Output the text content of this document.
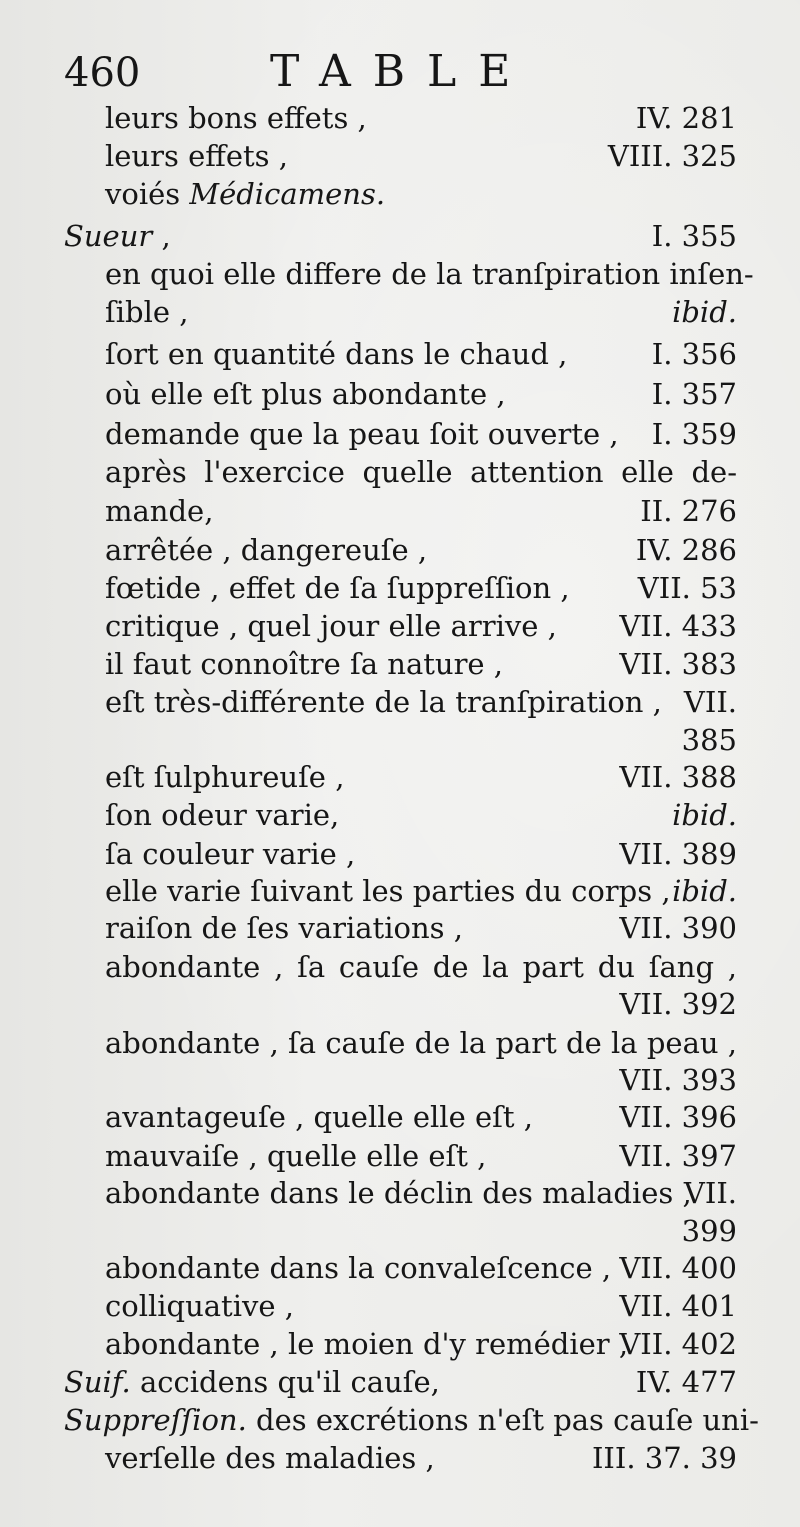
460	TABLE
leurs bons effets ,	IV. 281
leurs effets ,	VIII. 325
voiés Médicamens.
Sueur ,	I. 355
en quoi elle differe de la tranſpiration inſen-
ſible ,	ibid.
ſort en quantité dans le chaud ,	I. 356
où elle eſt plus abondante ,	I. 357
demande que la peau ſoit ouverte , I. 359
après l'exercice quelle attention elle de-
mande,	II. 276
arrêtée , dangereuſe ,	IV. 286
fœtide , effet de ſa ſuppreſſion , VII. 53
critique , quel jour elle arrive , VII. 433
il faut connoître ſa nature ,	VII. 383
eſt très-différente de la tranſpiration , VII.
385
eſt ſulphureuſe ,	VII. 388
ſon odeur varie,	ibid.
ſa couleur varie ,	VII. 389
elle varie ſuivant les parties du corps , ibid.
raiſon de ſes variations ,	VII. 390
abondante , ſa cauſe de la part du ſang ,
VII. 392
abondante , ſa cauſe de la part de la peau ,
VII. 393
avantageuſe , quelle elle eſt ,	VII. 396
mauvaiſe , quelle elle eſt ,	VII. 397
abondante dans le déclin des maladies ,
VII.
399
abondante dans la convaleſcence , VII. 400
colliquative ,	VII. 401
abondante , le moien d'y remédier ,
VII. 402
Suif. accidens qu'il cauſe,	IV. 477
Suppreſſion. des excrétions n'eſt pas cauſe uni-
verſelle des maladies ,	III. 37. 39
